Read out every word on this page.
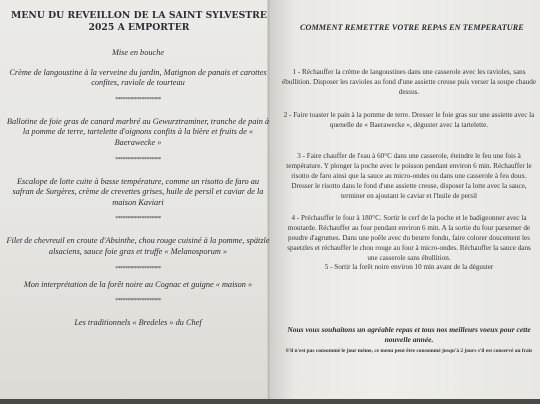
MENU DU REVEILLON DE LA SAINT SYLVESTRE 2025 A EMPORTER

Mise en bouche

Crème de langoustine à la verveine du jardin, Matignon de panais et carottes confites, raviole de tourteau

*******************

Ballotine de foie gras de canard marbré au Gewurztraminer, tranche de pain à la pomme de terre, tartelette d'oignons confits à la bière et fruits de « Baerawecke »

*******************

Escalope de lotte cuite à basse température, comme un risotto de faro au safran de Surgères, crème de crevettes grises, huile de persil et caviar de la maison Kaviari

*******************

Filet de chevreuil en croute d'Absinthe, chou rouge cuisiné à la pomme, spätzle alsaciens, sauce foie gras et truffe « Melanosporum »

*******************

Mon interprétation de la forêt noire au Cognac et guigne « maison »

*******************

Les traditionnels « Bredeles » du Chef

COMMENT REMETTRE VOTRE REPAS EN TEMPERATURE

1 - Réchauffer la crème de langoustines dans une casserole avec les ravioles, sans ébullition. Disposer les ravioles au fond d'une assiette creuse puis verser la soupe chaude dessus.

2 - Faire toaster le pain à la pomme de terre. Dresser le foie gras sur une assiette avec la quenelle de « Baerawecke », déguster avec la tartelette.

3 - Faire chauffer de l'eau à 60°C dans une casserole, éteindre le feu une fois à température. Y plonger la poche avec le poisson pendant environ 6 min. Réchauffer le risotto de faro ainsi que la sauce au micro-ondes ou dans une casserole à feu doux. Dresser le risotto dans le fond d'une assiette creuse, disposer la lotte avec la sauce, terminer en ajoutant le caviar et l'huile de persil

4 - Préchauffer le four à 180°C. Sortir le cerf de la poche et le badigeonner avec la moutarde. Réchauffer au four pendant environ 6 min. A la sortie du four parsemer de poudre d'agrumes. Dans une poêle avec du beurre fondu, faire colorer doucement les spaetzles et réchauffer le chou rouge au four à micro-ondes. Réchauffer la sauce dans une casserole sans ébullition.

5 - Sortir la forêt noire environ 10 min avant de la déguster

Nous vous souhaitons un agréable repas et tous nos meilleurs voeux pour cette nouvelle année.

S'il n'est pas consommé le jour même, ce menu peut être consommé jusqu'à 2 jours s'il est conservé au frais
